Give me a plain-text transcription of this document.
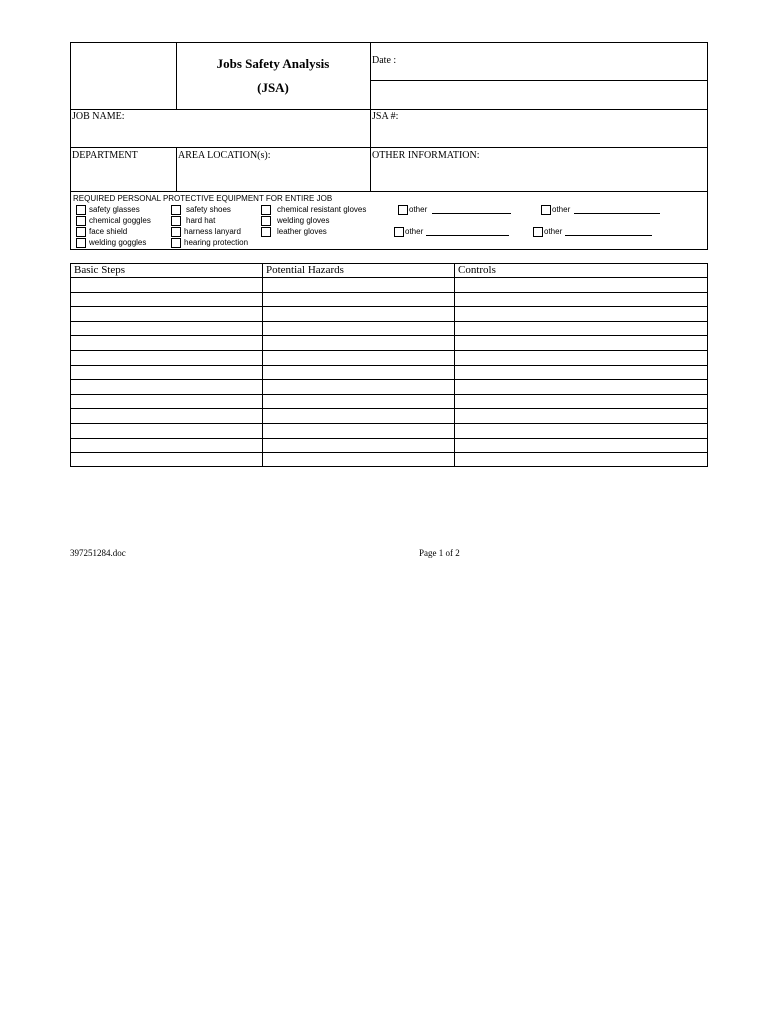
Jobs Safety Analysis
(JSA)
Date :
JOB NAME:	JSA #:
DEPARTMENT	AREA LOCATION(s):	OTHER INFORMATION:
REQUIRED PERSONAL PROTECTIVE EQUIPMENT FOR ENTIRE JOB
safety glasses
chemical goggles
face shield
welding goggles
safety shoes
hard hat
harness lanyard
hearing protection
chemical resistant gloves
welding gloves
leather gloves
other	other
other	other
Basic Steps	Potential Hazards	Controls
397251284.doc	Page 1 of 2
